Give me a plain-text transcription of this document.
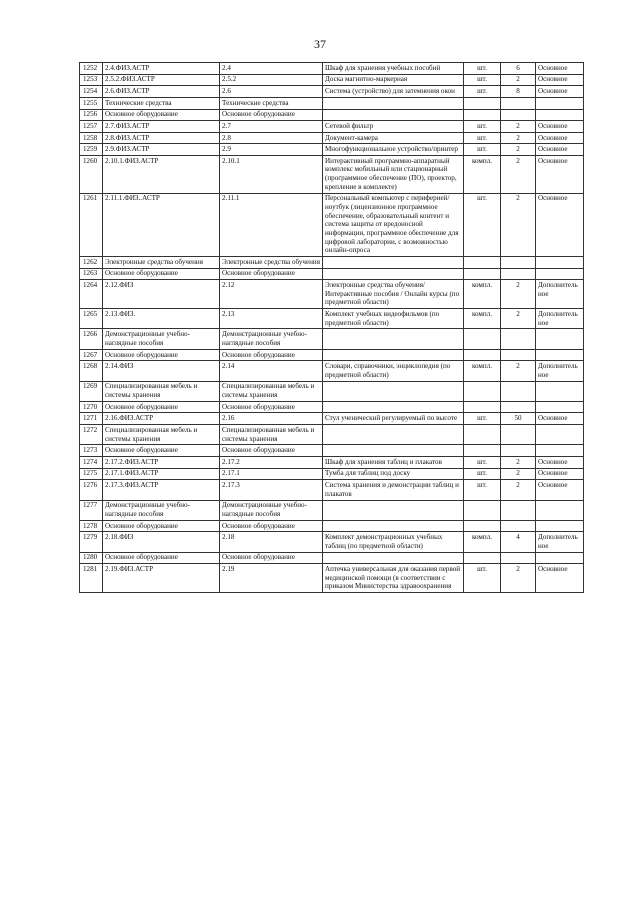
37
1252	2.4.ФИЗ.АСТР	2.4	Шкаф для хранения учебных пособий	шт.	6	Основное
1253	2.5.2.ФИЗ.АСТР	2.5.2	Доска магнитно-маркерная	шт.	2	Основное
1254	2.6.ФИЗ.АСТР	2.6	Система (устройство) для затемнения окон	шт.	8	Основное
1255	Технические средства	Технические средства				
1256	Основное оборудование	Основное оборудование				
1257	2.7.ФИЗ.АСТР	2.7	Сетевой фильтр	шт.	2	Основное
1258	2.8.ФИЗ.АСТР	2.8	Документ-камера	шт.	2	Основное
1259	2.9.ФИЗ.АСТР	2.9	Многофункциональное устройство/принтер	шт.	2	Основное
1260	2.10.1.ФИЗ.АСТР	2.10.1	Интерактивный программно-аппаратный комплекс мобильный или стационарный (программное обеспечение (ПО), проектор, крепление в комплекте)	компл.	2	Основное
1261	2.11.1.ФИЗ..АСТР	2.11.1	Персональный компьютер с периферией/ноутбук (лицензионное программное обеспечение, образовательный контент и система защиты от вредоносной информации, программное обеспечение для цифровой лаборатории, с возможностью онлайн-опроса	шт.	2	Основное
1262	Электронные средства обучения	Электронные средства обучения				
1263	Основное оборудование	Основное оборудование				
1264	2.12.ФИЗ	2.12	Электронные средства обучения/Интерактивные пособия / Онлайн курсы (по предметной области)	компл.	2	Дополнительное
1265	2.13.ФИЗ.	2.13	Комплект учебных видеофильмов (по предметной области)	компл.	2	Дополнительное
1266	Демонстрационные учебно-наглядные пособия	Демонстрационные учебно-наглядные пособия				
1267	Основное оборудование	Основное оборудование				
1268	2.14.ФИЗ	2.14	Словари, справочники, энциклопедия (по предметной области)	компл.	2	Дополнительное
1269	Специализированная мебель и системы хранения	Специализированная мебель и системы хранения				
1270	Основное оборудование	Основное оборудование				
1271	2.16.ФИЗ.АСТР	2.16	Стул ученический регулируемый по высоте	шт.	50	Основное
1272	Специализированная мебель и системы хранения	Специализированная мебель и системы хранения				
1273	Основное оборудование	Основное оборудование				
1274	2.17.2.ФИЗ.АСТР	2.17.2	Шкаф для хранения таблиц и плакатов	шт.	2	Основное
1275	2.17.1.ФИЗ.АСТР	2.17.1	Тумба для таблиц под доску	шт.	2	Основное
1276	2.17.3.ФИЗ.АСТР	2.17.3	Система хранения и демонстрации таблиц и плакатов	шт.	2	Основное
1277	Демонстрационные учебно-наглядные пособия	Демонстрационные учебно-наглядные пособия				
1278	Основное оборудование	Основное оборудование				
1279	2.18.ФИЗ	2.18	Комплект демонстрационных учебных таблиц (по предметной области)	компл.	4	Дополнительное
1280	Основное оборудование	Основное оборудование				
1281	2.19.ФИЗ.АСТР	2.19	Аптечка универсальная для оказания первой медицинской помощи (в соответствии с приказом Министерства здравоохранения	шт.	2	Основное
